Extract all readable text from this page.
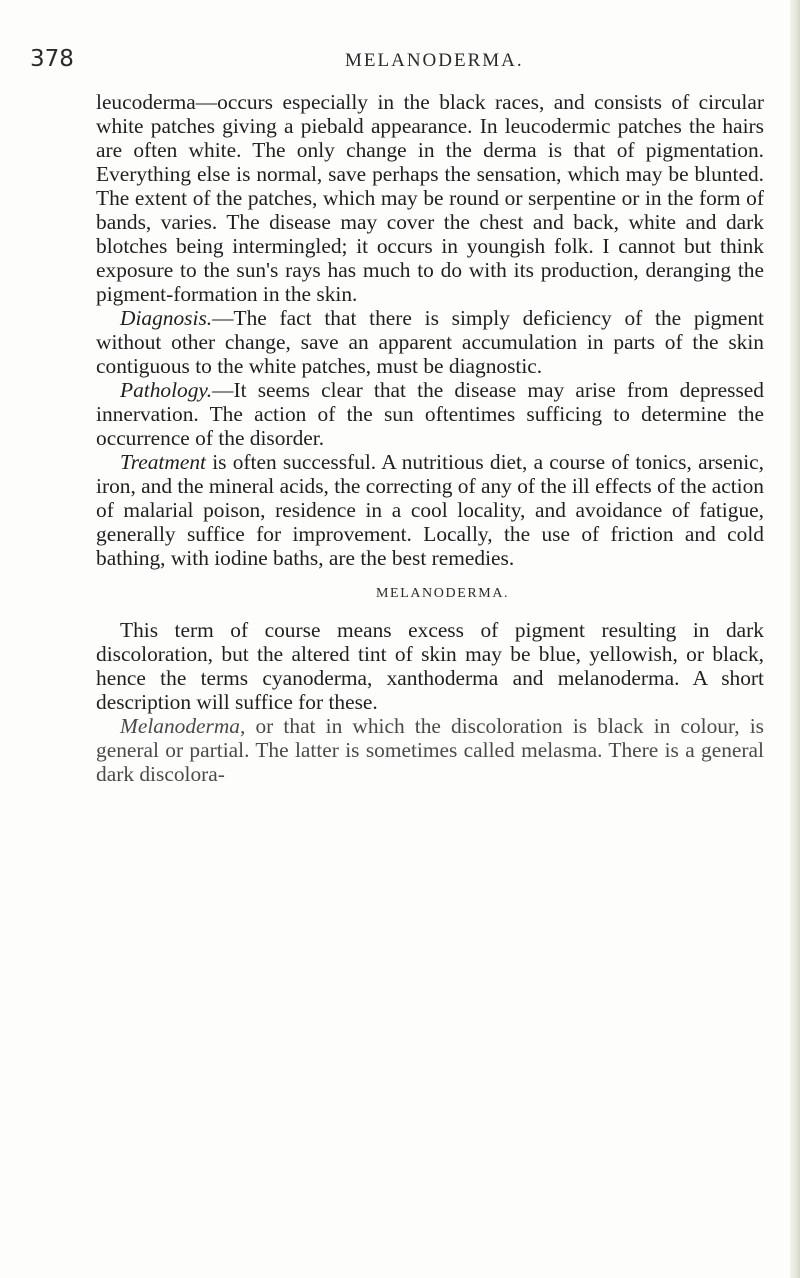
378	MELANODERMA.

leucoderma—occurs especially in the black races, and consists of circular white patches giving a piebald appearance. In leucodermic patches the hairs are often white. The only change in the derma is that of pigmentation. Everything else is normal, save perhaps the sensation, which may be blunted. The extent of the patches, which may be round or serpentine or in the form of bands, varies. The disease may cover the chest and back, white and dark blotches being intermingled; it occurs in youngish folk. I cannot but think exposure to the sun's rays has much to do with its production, deranging the pigment-formation in the skin.

Diagnosis.—The fact that there is simply deficiency of the pigment without other change, save an apparent accumulation in parts of the skin contiguous to the white patches, must be diagnostic.

Pathology.—It seems clear that the disease may arise from depressed innervation. The action of the sun oftentimes sufficing to determine the occurrence of the disorder.

Treatment is often successful. A nutritious diet, a course of tonics, arsenic, iron, and the mineral acids, the correcting of any of the ill effects of the action of malarial poison, residence in a cool locality, and avoidance of fatigue, generally suffice for improvement. Locally, the use of friction and cold bathing, with iodine baths, are the best remedies.

MELANODERMA.

This term of course means excess of pigment resulting in dark discoloration, but the altered tint of skin may be blue, yellowish, or black, hence the terms cyanoderma, xanthoderma and melanoderma. A short description will suffice for these.

Melanoderma, or that in which the discoloration is black in colour, is general or partial. The latter is sometimes called melasma. There is a general dark discolora-
